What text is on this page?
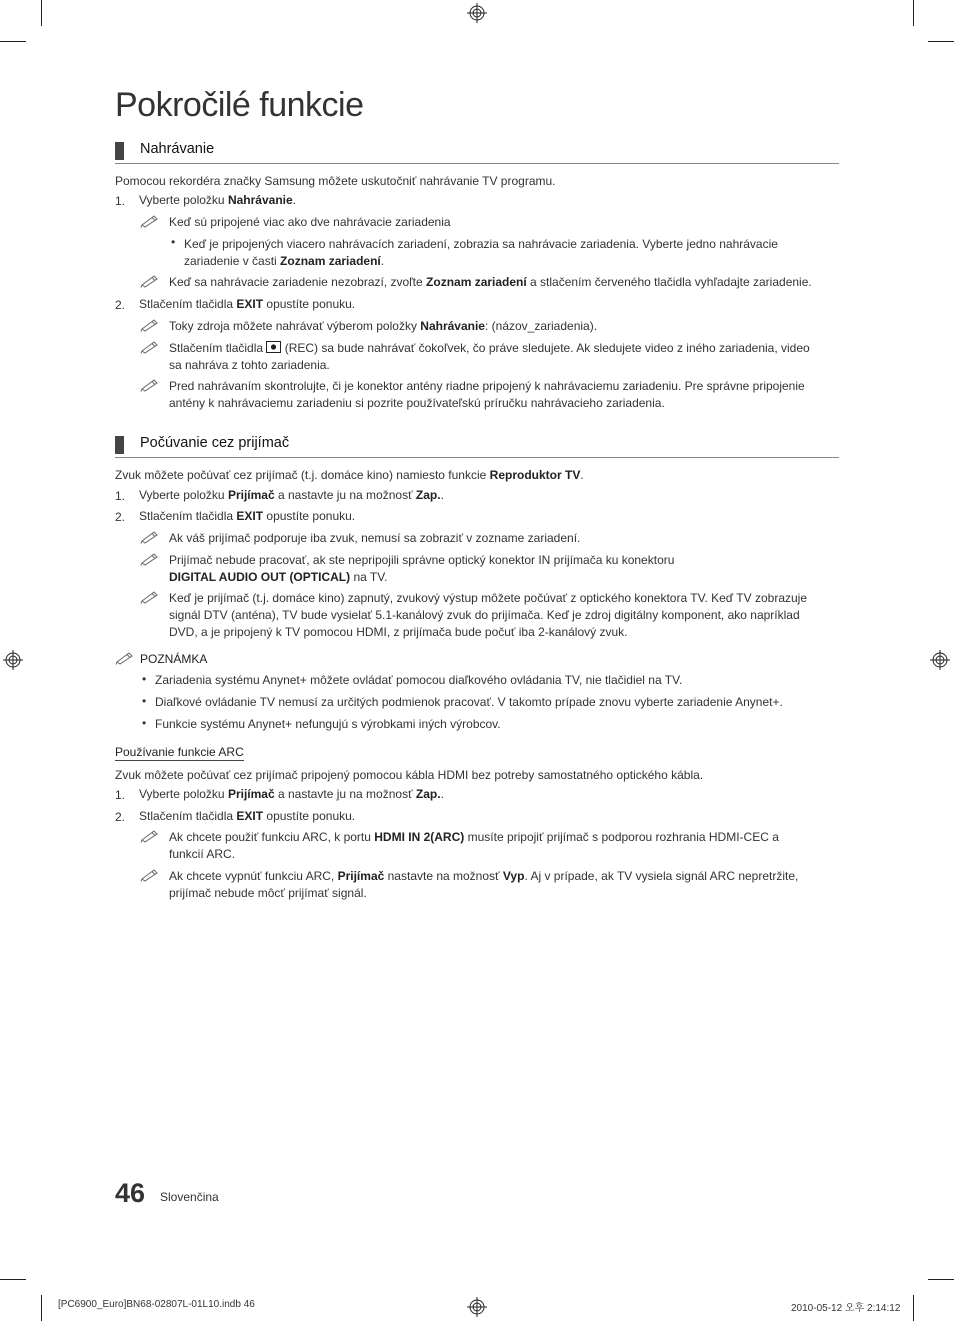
Pokročilé funkcie
Nahrávanie
Pomocou rekordéra značky Samsung môžete uskutočniť nahrávanie TV programu.
1. Vyberte položku Nahrávanie.
Keď sú pripojené viac ako dve nahrávacie zariadenia
• Keď je pripojených viacero nahrávacích zariadení, zobrazia sa nahrávacie zariadenia. Vyberte jedno nahrávacie
zariadenie v časti Zoznam zariadení.
Keď sa nahrávacie zariadenie nezobrazí, zvoľte Zoznam zariadení a stlačením červeného tlačidla vyhľadajte zariadenie.
2. Stlačením tlačidla EXIT opustíte ponuku.
Toky zdroja môžete nahrávať výberom položky Nahrávanie: (názov_zariadenia).
Stlačením tlačidla  (REC) sa bude nahrávať čokoľvek, čo práve sledujete. Ak sledujete video z iného zariadenia, video
sa nahráva z tohto zariadenia.
Pred nahrávaním skontrolujte, či je konektor antény riadne pripojený k nahrávaciemu zariadeniu. Pre správne pripojenie
antény k nahrávaciemu zariadeniu si pozrite používateľskú príručku nahrávacieho zariadenia.
Počúvanie cez prijímač
Zvuk môžete počúvať cez prijímač (t.j. domáce kino) namiesto funkcie Reproduktor TV.
1. Vyberte položku Prijímač a nastavte ju na možnosť Zap..
2. Stlačením tlačidla EXIT opustíte ponuku.
Ak váš prijímač podporuje iba zvuk, nemusí sa zobraziť v zozname zariadení.
Prijímač nebude pracovať, ak ste nepripojili správne optický konektor IN prijímača ku konektoru
DIGITAL AUDIO OUT (OPTICAL) na TV.
Keď je prijímač (t.j. domáce kino) zapnutý, zvukový výstup môžete počúvať z optického konektora TV. Keď TV zobrazuje
signál DTV (anténa), TV bude vysielať 5.1-kanálový zvuk do prijímača. Keď je zdroj digitálny komponent, ako napríklad
DVD, a je pripojený k TV pomocou HDMI, z prijímača bude počuť iba 2-kanálový zvuk.
POZNÁMKA
• Zariadenia systému Anynet+ môžete ovládať pomocou diaľkového ovládania TV, nie tlačidiel na TV.
• Diaľkové ovládanie TV nemusí za určitých podmienok pracovať. V takomto prípade znovu vyberte zariadenie Anynet+.
• Funkcie systému Anynet+ nefungujú s výrobkami iných výrobcov.
Používanie funkcie ARC
Zvuk môžete počúvať cez prijímač pripojený pomocou kábla HDMI bez potreby samostatného optického kábla.
1. Vyberte položku Prijímač a nastavte ju na možnosť Zap..
2. Stlačením tlačidla EXIT opustíte ponuku.
Ak chcete použiť funkciu ARC, k portu HDMI IN 2(ARC) musíte pripojiť prijímač s podporou rozhrania HDMI-CEC a
funkcií ARC.
Ak chcete vypnúť funkciu ARC, Prijímač nastavte na možnosť Vyp. Aj v prípade, ak TV vysiela signál ARC nepretržite,
prijímač nebude môcť prijímať signál.
46 Slovenčina
[PC6900_Euro]BN68-02807L-01L10.indb 46	2010-05-12 오후 2:14:12
